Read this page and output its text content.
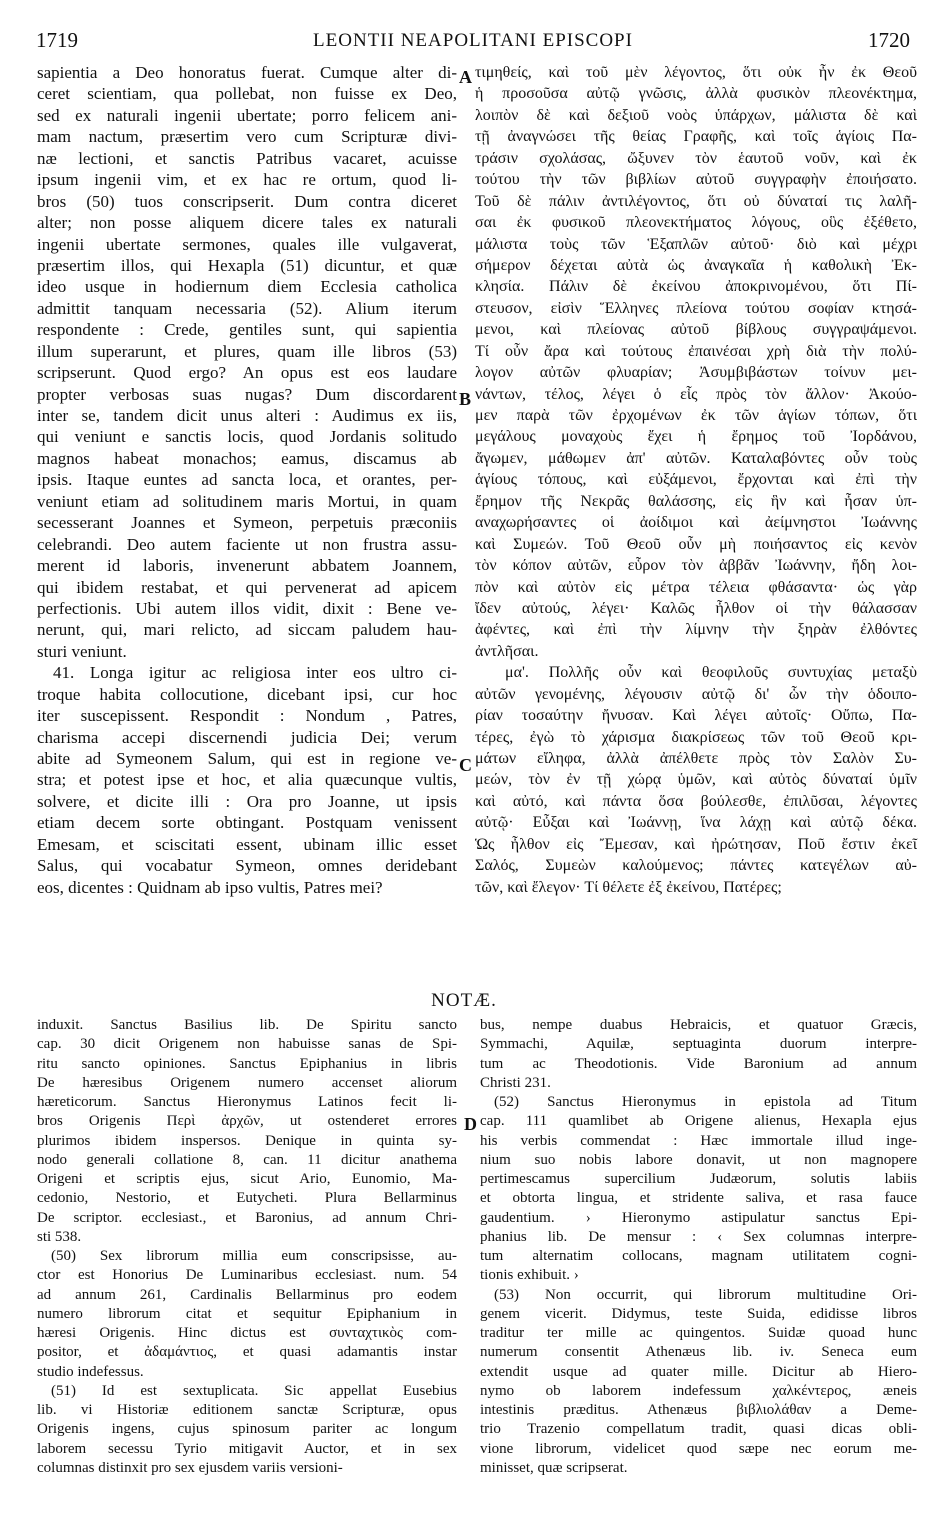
1719	LEONTII NEAPOLITANI EPISCOPI	1720
sapientia a Deo honoratus fuerat. Cumque alter di-
ceret scientiam, qua pollebat, non fuisse ex Deo,
sed ex naturali ingenii ubertate; porro felicem ani-
mam nactum, præsertim vero cum Scripturæ divi-
næ lectioni, et sanctis Patribus vacaret, acuisse
ipsum ingenii vim, et ex hac re ortum, quod li-
bros (50) tuos conscripserit. Dum contra diceret
alter; non posse aliquem dicere tales ex naturali
ingenii ubertate sermones, quales ille vulgaverat,
præsertim illos, qui Hexapla (51) dicuntur, et quæ
ideo usque in hodiernum diem Ecclesia catholica
admittit tanquam necessaria (52). Alium iterum
respondente : Crede, gentiles sunt, qui sapientia
illum superarunt, et plures, quam ille libros (53)
scripserunt. Quod ergo? An opus est eos laudare
propter verbosas suas nugas? Dum discordarent
inter se, tandem dicit unus alteri : Audimus ex iis,
qui veniunt e sanctis locis, quod Jordanis solitudo
magnos habeat monachos; eamus, discamus ab
ipsis. Itaque euntes ad sancta loca, et orantes, per-
veniunt etiam ad solitudinem maris Mortui, in quam
secesserant Joannes et Symeon, perpetuis præconiis
celebrandi. Deo autem faciente ut non frustra assu-
merent id laboris, invenerunt abbatem Joannem,
qui ibidem restabat, et qui pervenerat ad apicem
perfectionis. Ubi autem illos vidit, dixit : Bene ve-
nerunt, qui, mari relicto, ad siccam paludem hau-
sturi veniunt.
41. Longa igitur ac religiosa inter eos ultro ci-
troque habita collocutione, dicebant ipsi, cur hoc
iter suscepissent. Respondit : Nondum , Patres,
charisma accepi discernendi judicia Dei; verum
abite ad Symeonem Salum, qui est in regione ve-
stra; et potest ipse et hoc, et alia quæcunque vultis,
solvere, et dicite illi : Ora pro Joanne, ut ipsis
etiam decem sorte obtingant. Postquam venissent
Emesam, et sciscitati essent, ubinam illic esset
Salus, qui vocabatur Symeon, omnes deridebant
eos, dicentes : Quidnam ab ipso vultis, Patres mei?
τιμηθείς, καὶ τοῦ μὲν λέγοντος, ὅτι οὐκ ἦν ἐκ Θεοῦ
ἡ προσοῦσα αὐτῷ γνῶσις, ἀλλὰ φυσικὸν πλεονέκτημα,
λοιπὸν δὲ καὶ δεξιοῦ νοὸς ὑπάρχων, μάλιστα δὲ καὶ
τῇ ἀναγνώσει τῆς θείας Γραφῆς, καὶ τοῖς ἁγίοις Πα-
τράσιν σχολάσας, ὤξυνεν τὸν ἑαυτοῦ νοῦν, καὶ ἐκ
τούτου τὴν τῶν βιβλίων αὐτοῦ συγγραφὴν ἐποιήσατο.
Τοῦ δὲ πάλιν ἀντιλέγοντος, ὅτι οὐ δύναταί τις λαλῆ-
σαι ἐκ φυσικοῦ πλεονεκτήματος λόγους, οὓς ἐξέθετο,
μάλιστα τοὺς τῶν Ἑξαπλῶν αὐτοῦ· διὸ καὶ μέχρι
σήμερον δέχεται αὐτὰ ὡς ἀναγκαῖα ἡ καθολικὴ Ἐκ-
κλησία. Πάλιν δὲ ἐκείνου ἀποκρινομένου, ὅτι Πί-
στευσον, εἰσὶν Ἕλληνες πλείονα τούτου σοφίαν κτησά-
μενοι, καὶ πλείονας αὐτοῦ βίβλους συγγραψάμενοι.
Τί οὖν ἄρα καὶ τούτους ἐπαινέσαι χρὴ διὰ τὴν πολύ-
λογον αὐτῶν φλυαρίαν; Ἀσυμβιβάστων τοίνυν μει-
νάντων, τέλος, λέγει ὁ εἷς πρὸς τὸν ἄλλον· Ἀκούο-
μεν παρὰ τῶν ἐρχομένων ἐκ τῶν ἁγίων τόπων, ὅτι
μεγάλους μοναχοὺς ἔχει ἡ ἔρημος τοῦ Ἰορδάνου,
ἄγωμεν, μάθωμεν ἀπ' αὐτῶν. Καταλαβόντες οὖν τοὺς
ἁγίους τόπους, καὶ εὐξάμενοι, ἔρχονται καὶ ἐπὶ τὴν
ἔρημον τῆς Νεκρᾶς θαλάσσης, εἰς ἣν καὶ ἦσαν ὑπ-
αναχωρήσαντες οἱ ἀοίδιμοι καὶ ἀείμνηστοι Ἰωάννης
καὶ Συμεών. Τοῦ Θεοῦ οὖν μὴ ποιήσαντος εἰς κενὸν
τὸν κόπον αὐτῶν, εὗρον τὸν ἀββᾶν Ἰωάννην, ἤδη λοι-
πὸν καὶ αὐτὸν εἰς μέτρα τέλεια φθάσαντα· ὡς γὰρ
ἴδεν αὐτούς, λέγει· Καλῶς ἦλθον οἱ τὴν θάλασσαν
ἀφέντες, καὶ ἐπὶ τὴν λίμνην τὴν ξηρὰν ἐλθόντες
ἀντλῆσαι.
μα'. Πολλῆς οὖν καὶ θεοφιλοῦς συντυχίας μεταξὺ
αὐτῶν γενομένης, λέγουσιν αὐτῷ δι' ὧν τὴν ὁδοιπο-
ρίαν τοσαύτην ἤνυσαν. Καὶ λέγει αὐτοῖς· Οὔπω, Πα-
τέρες, ἐγὼ τὸ χάρισμα διακρίσεως τῶν τοῦ Θεοῦ κρι-
μάτων εἴληφα, ἀλλὰ ἀπέλθετε πρὸς τὸν Σαλὸν Συ-
μεών, τὸν ἐν τῇ χώρᾳ ὑμῶν, καὶ αὐτὸς δύναταί ὑμῖν
καὶ αὐτό, καὶ πάντα ὅσα βούλεσθε, ἐπιλῦσαι, λέγοντες
αὐτῷ· Εὖξαι καὶ Ἰωάννῃ, ἵνα λάχῃ καὶ αὐτῷ δέκα.
Ὡς ἦλθον εἰς Ἔμεσαν, καὶ ἠρώτησαν, Ποῦ ἔστιν ἐκεῖ
Σαλός, Συμεὼν καλούμενος; πάντες κατεγέλων αὐ-
τῶν, καὶ ἔλεγον· Τί θέλετε ἐξ ἐκείνου, Πατέρες;
A
B
C
NOTÆ.
induxit. Sanctus Basilius lib. De Spiritu sancto
cap. 30 dicit Origenem non habuisse sanas de Spi-
ritu sancto opiniones. Sanctus Epiphanius in libris
De hæresibus Origenem numero accenset aliorum
hæreticorum. Sanctus Hieronymus Latinos fecit li-
bros Origenis Περὶ ἀρχῶν, ut ostenderet errores
plurimos ibidem inspersos. Denique in quinta sy-
nodo generali collatione 8, can. 11 dicitur anathema
Origeni et scriptis ejus, sicut Ario, Eunomio, Ma-
cedonio, Nestorio, et Eutycheti. Plura Bellarminus
De scriptor. ecclesiast., et Baronius, ad annum Chri-
sti 538.
(50) Sex librorum millia eum conscripsisse, au-
ctor est Honorius De Luminaribus ecclesiast. num. 54
ad annum 261, Cardinalis Bellarminus pro eodem
numero librorum citat et sequitur Epiphanium in
hæresi Origenis. Hinc dictus est συνταχτικὸς com-
positor, et ἀδαμάντιος, et quasi adamantis instar
studio indefessus.
(51) Id est sextuplicata. Sic appellat Eusebius
lib. vi Historiæ editionem sanctæ Scripturæ, opus
Origenis ingens, cujus spinosum pariter ac longum
laborem secessu Tyrio mitigavit Auctor, et in sex
columnas distinxit pro sex ejusdem variis versioni-
bus, nempe duabus Hebraicis, et quatuor Græcis,
Symmachi, Aquilæ, septuaginta duorum interpre-
tum ac Theodotionis. Vide Baronium ad annum
Christi 231.
(52) Sanctus Hieronymus in epistola ad Titum
cap. 111 quamlibet ab Origene alienus, Hexapla ejus
his verbis commendat : Hæc immortale illud inge-
nium suo nobis labore donavit, ut non magnopere
pertimescamus supercilium Judæorum, solutis labiis
et obtorta lingua, et stridente saliva, et rasa fauce
gaudentium. › Hieronymo astipulatur sanctus Epi-
phanius lib. De mensur : ‹ Sex columnas interpre-
tum alternatim collocans, magnam utilitatem cogni-
tionis exhibuit. ›
(53) Non occurrit, qui librorum multitudine Ori-
genem vicerit. Didymus, teste Suida, edidisse libros
traditur ter mille ac quingentos. Suidæ quoad hunc
numerum consentit Athenæus lib. iv. Seneca eum
extendit usque ad quater mille. Dicitur ab Hiero-
nymo ob laborem indefessum χαλκέντερος, æneis
intestinis præditus. Athenæus βιβλιολάθαν a Deme-
trio Trazenio compellatum tradit, quasi dicas obli-
vione librorum, videlicet quod sæpe nec eorum me-
minisset, quæ scripserat.
D
